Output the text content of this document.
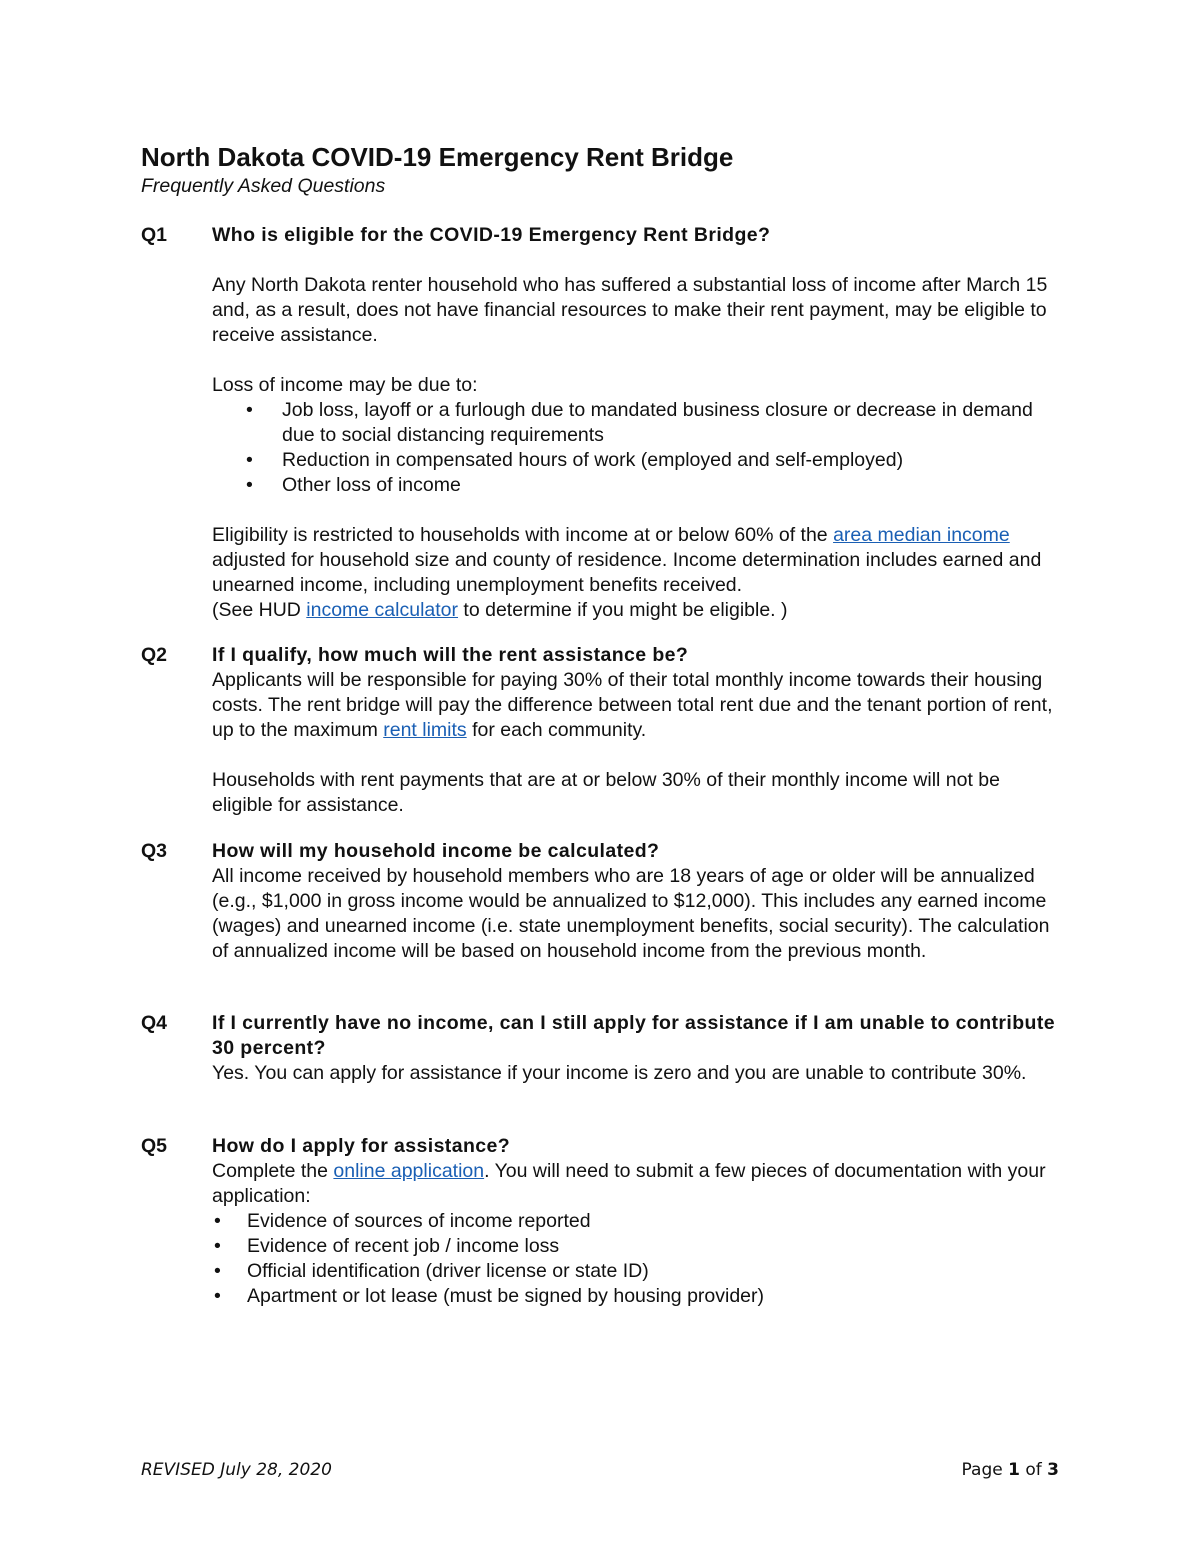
North Dakota COVID-19 Emergency Rent Bridge
Frequently Asked Questions
Q1 Who is eligible for the COVID-19 Emergency Rent Bridge?

Any North Dakota renter household who has suffered a substantial loss of income after March 15 and, as a result, does not have financial resources to make their rent payment, may be eligible to receive assistance.

Loss of income may be due to:

• Job loss, layoff or a furlough due to mandated business closure or decrease in demand due to social distancing requirements
• Reduction in compensated hours of work (employed and self-employed)
• Other loss of income

Eligibility is restricted to households with income at or below 60% of the area median income adjusted for household size and county of residence. Income determination includes earned and unearned income, including unemployment benefits received.

(See HUD income calculator to determine if you might be eligible. )

Q2 If I qualify, how much will the rent assistance be?

Applicants will be responsible for paying 30% of their total monthly income towards their housing costs. The rent bridge will pay the difference between total rent due and the tenant portion of rent, up to the maximum rent limits for each community.

Households with rent payments that are at or below 30% of their monthly income will not be eligible for assistance.

Q3 How will my household income be calculated?

All income received by household members who are 18 years of age or older will be annualized (e.g., $1,000 in gross income would be annualized to $12,000). This includes any earned income (wages) and unearned income (i.e. state unemployment benefits, social security). The calculation of annualized income will be based on household income from the previous month.

Q4 If I currently have no income, can I still apply for assistance if I am unable to contribute 30 percent?

Yes. You can apply for assistance if your income is zero and you are unable to contribute 30%.

Q5 How do I apply for assistance?

Complete the online application. You will need to submit a few pieces of documentation with your application:

• Evidence of sources of income reported
• Evidence of recent job / income loss
• Official identification (driver license or state ID)
• Apartment or lot lease (must be signed by housing provider)
REVISED July 28, 2020	Page 1 of 3
